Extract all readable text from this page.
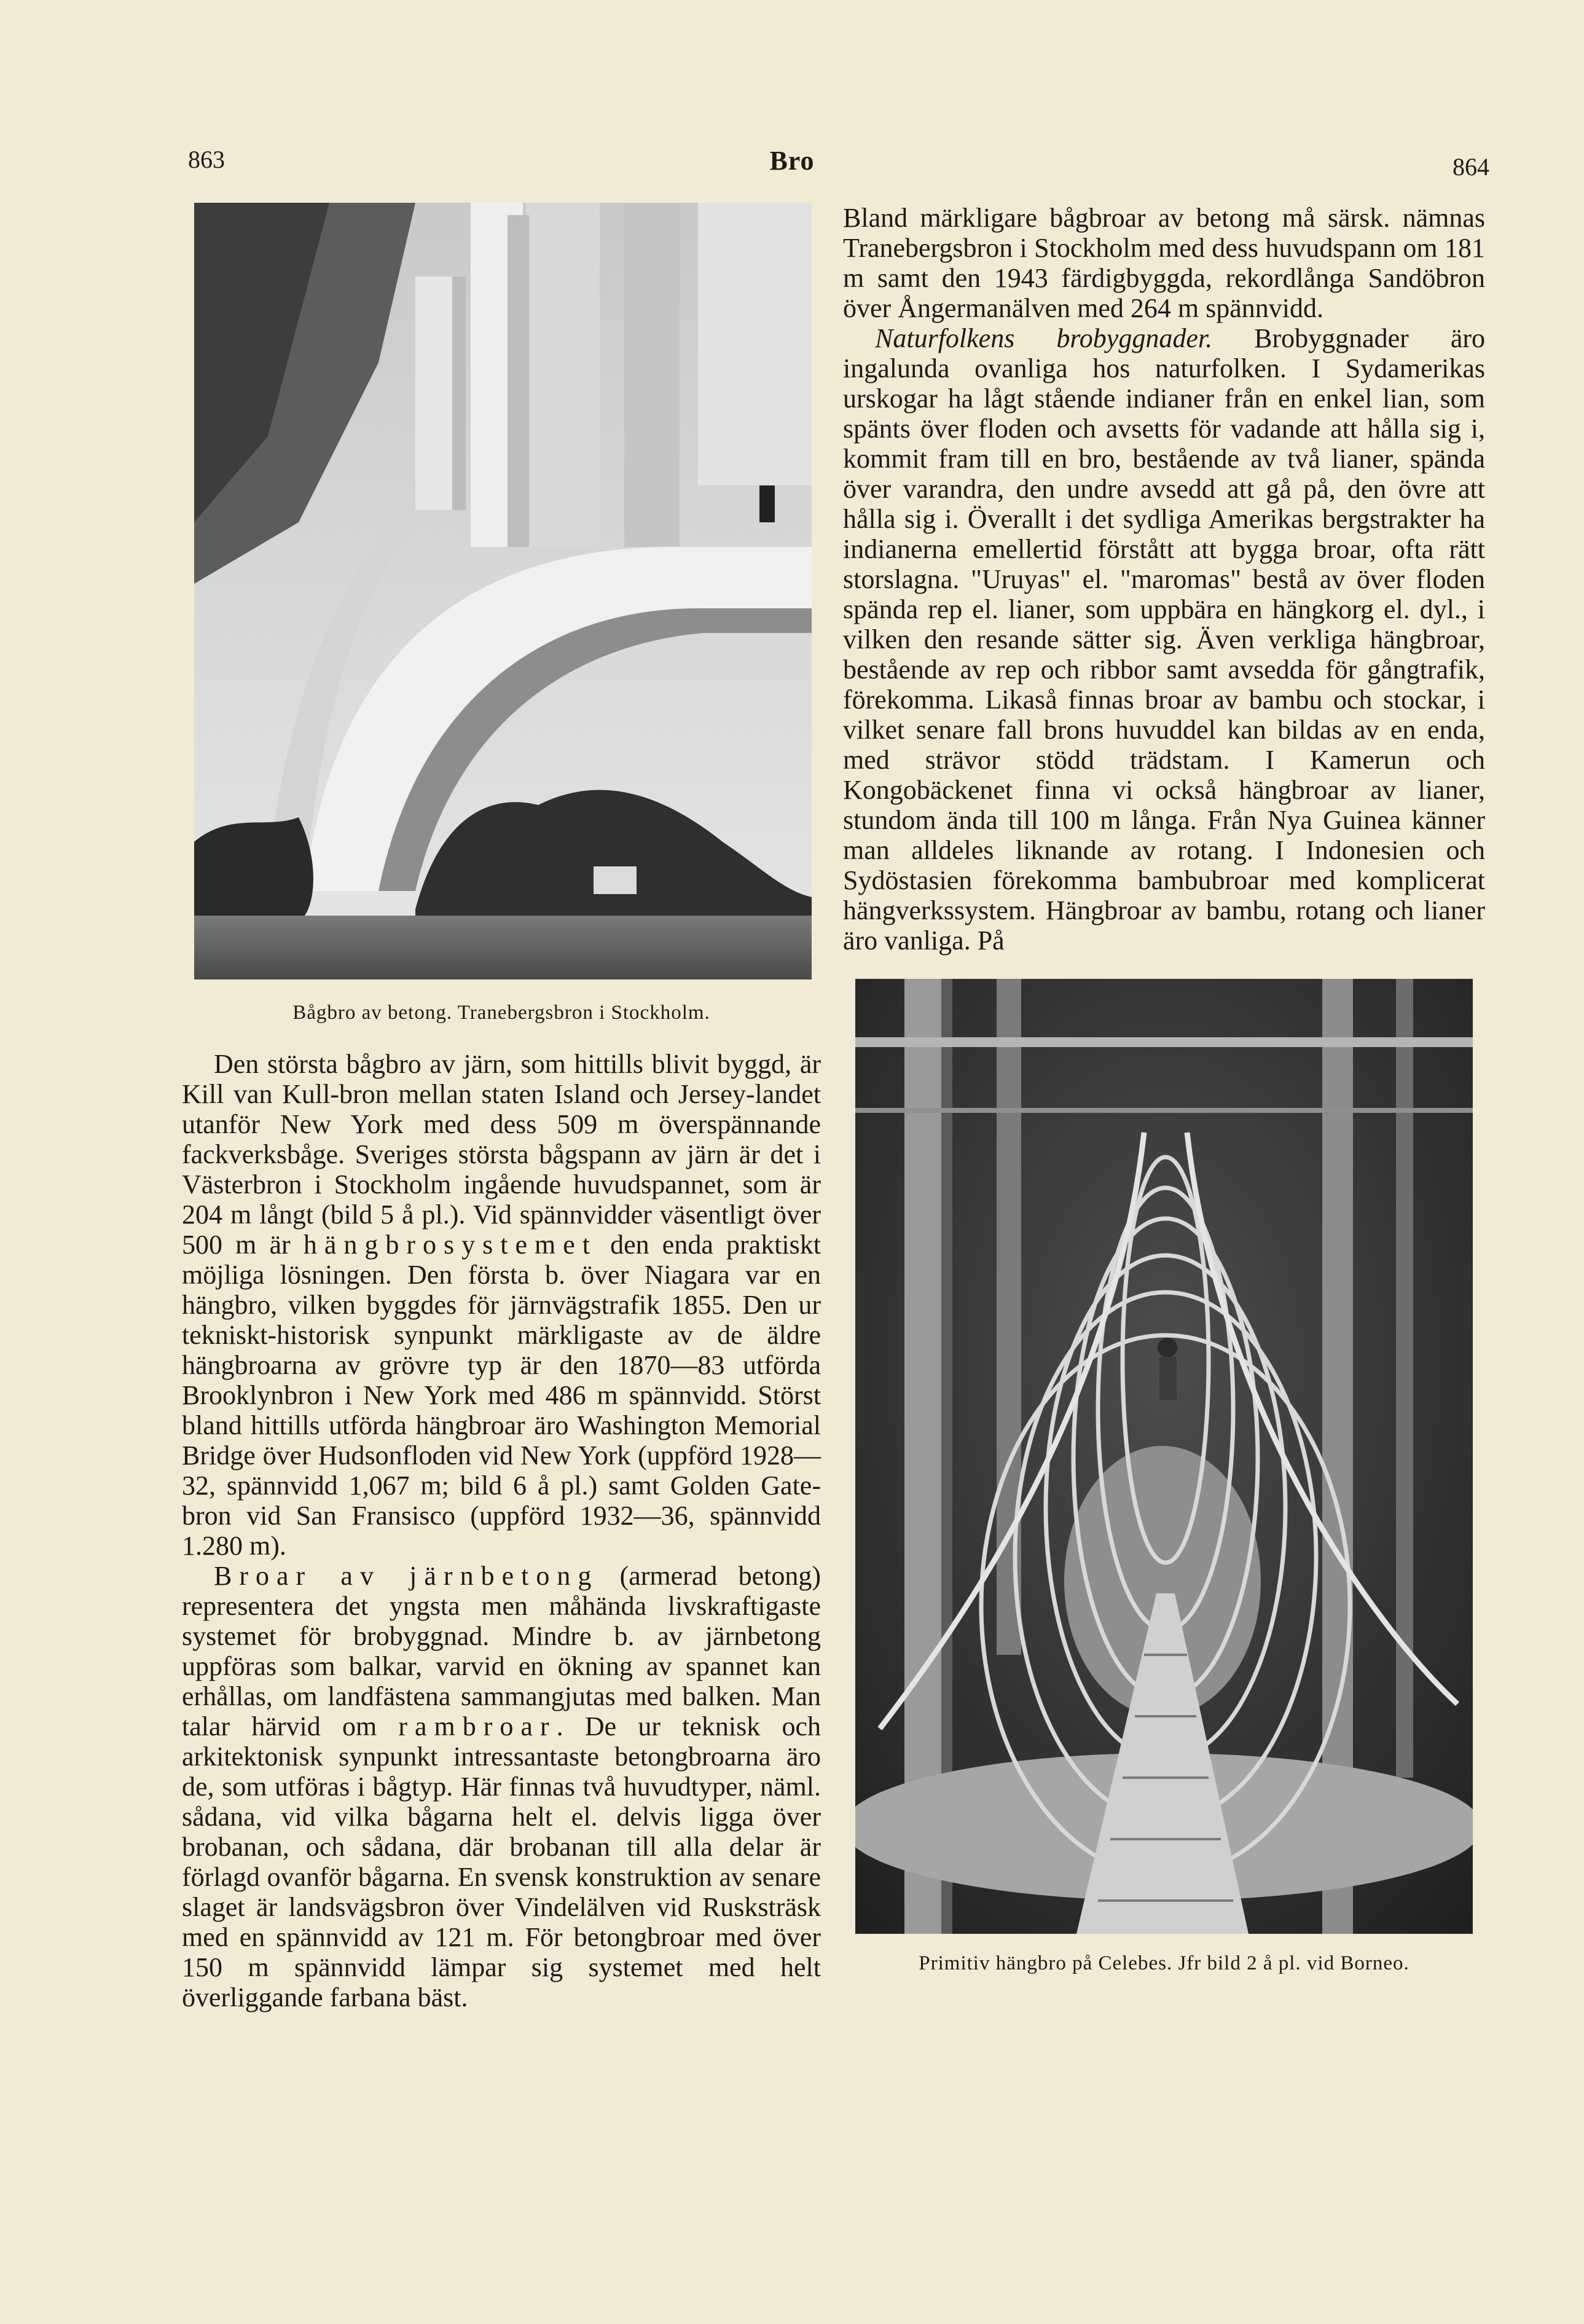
863	Bro	864
Bågbro av betong. Tranebergsbron i Stockholm.

Den största bågbro av järn, som hittills blivit byggd, är Kill van Kull-bron mellan staten Island och Jersey-landet utanför New York med dess 509 m överspännande fackverksbåge. Sveriges största bågspann av järn är det i Västerbron i Stockholm ingående huvudspannet, som är 204 m långt (bild 5 å pl.). Vid spännvidder väsentligt över 500 m är hängbrosystemet den enda praktiskt möjliga lösningen. Den första b. över Niagara var en hängbro, vilken byggdes för järnvägstrafik 1855. Den ur tekniskt-historisk synpunkt märkligaste av de äldre hängbroarna av grövre typ är den 1870—83 utförda Brooklynbron i New York med 486 m spännvidd. Störst bland hittills utförda hängbroar äro Washington Memorial Bridge över Hudsonfloden vid New York (uppförd 1928—32, spännvidd 1,067 m; bild 6 å pl.) samt Golden Gate-bron vid San Fransisco (uppförd 1932—36, spännvidd 1.280 m).

Broar av järnbetong (armerad betong) representera det yngsta men måhända livskraftigaste systemet för brobyggnad. Mindre b. av järnbetong uppföras som balkar, varvid en ökning av spannet kan erhållas, om landfästena sammangjutas med balken. Man talar härvid om rambroar. De ur teknisk och arkitektonisk synpunkt intressantaste betongbroarna äro de, som utföras i bågtyp. Här finnas två huvudtyper, näml. sådana, vid vilka bågarna helt el. delvis ligga över brobanan, och sådana, där brobanan till alla delar är förlagd ovanför bågarna. En svensk konstruktion av senare slaget är landsvägsbron över Vindelälven vid Rusksträsk med en spännvidd av 121 m. För betongbroar med över 150 m spännvidd lämpar sig systemet med helt överliggande farbana bäst.

Bland märkligare bågbroar av betong må särsk. nämnas Tranebergsbron i Stockholm med dess huvudspann om 181 m samt den 1943 färdigbyggda, rekordlånga Sandöbron över Ångermanälven med 264 m spännvidd.

Naturfolkens brobyggnader. Brobyggnader äro ingalunda ovanliga hos naturfolken. I Sydamerikas urskogar ha lågt stående indianer från en enkel lian, som spänts över floden och avsetts för vadande att hålla sig i, kommit fram till en bro, bestående av två lianer, spända över varandra, den undre avsedd att gå på, den övre att hålla sig i. Överallt i det sydliga Amerikas bergstrakter ha indianerna emellertid förstått att bygga broar, ofta rätt storslagna. "Uruyas" el. "maromas" bestå av över floden spända rep el. lianer, som uppbära en hängkorg el. dyl., i vilken den resande sätter sig. Även verkliga hängbroar, bestående av rep och ribbor samt avsedda för gångtrafik, förekomma. Likaså finnas broar av bambu och stockar, i vilket senare fall brons huvuddel kan bildas av en enda, med strävor stödd trädstam. I Kamerun och Kongobäckenet finna vi också hängbroar av lianer, stundom ända till 100 m långa. Från Nya Guinea känner man alldeles liknande av rotang. I Indonesien och Sydöstasien förekomma bambubroar med komplicerat hängverkssystem. Hängbroar av bambu, rotang och lianer äro vanliga. På

Primitiv hängbro på Celebes. Jfr bild 2 å pl. vid Borneo.
